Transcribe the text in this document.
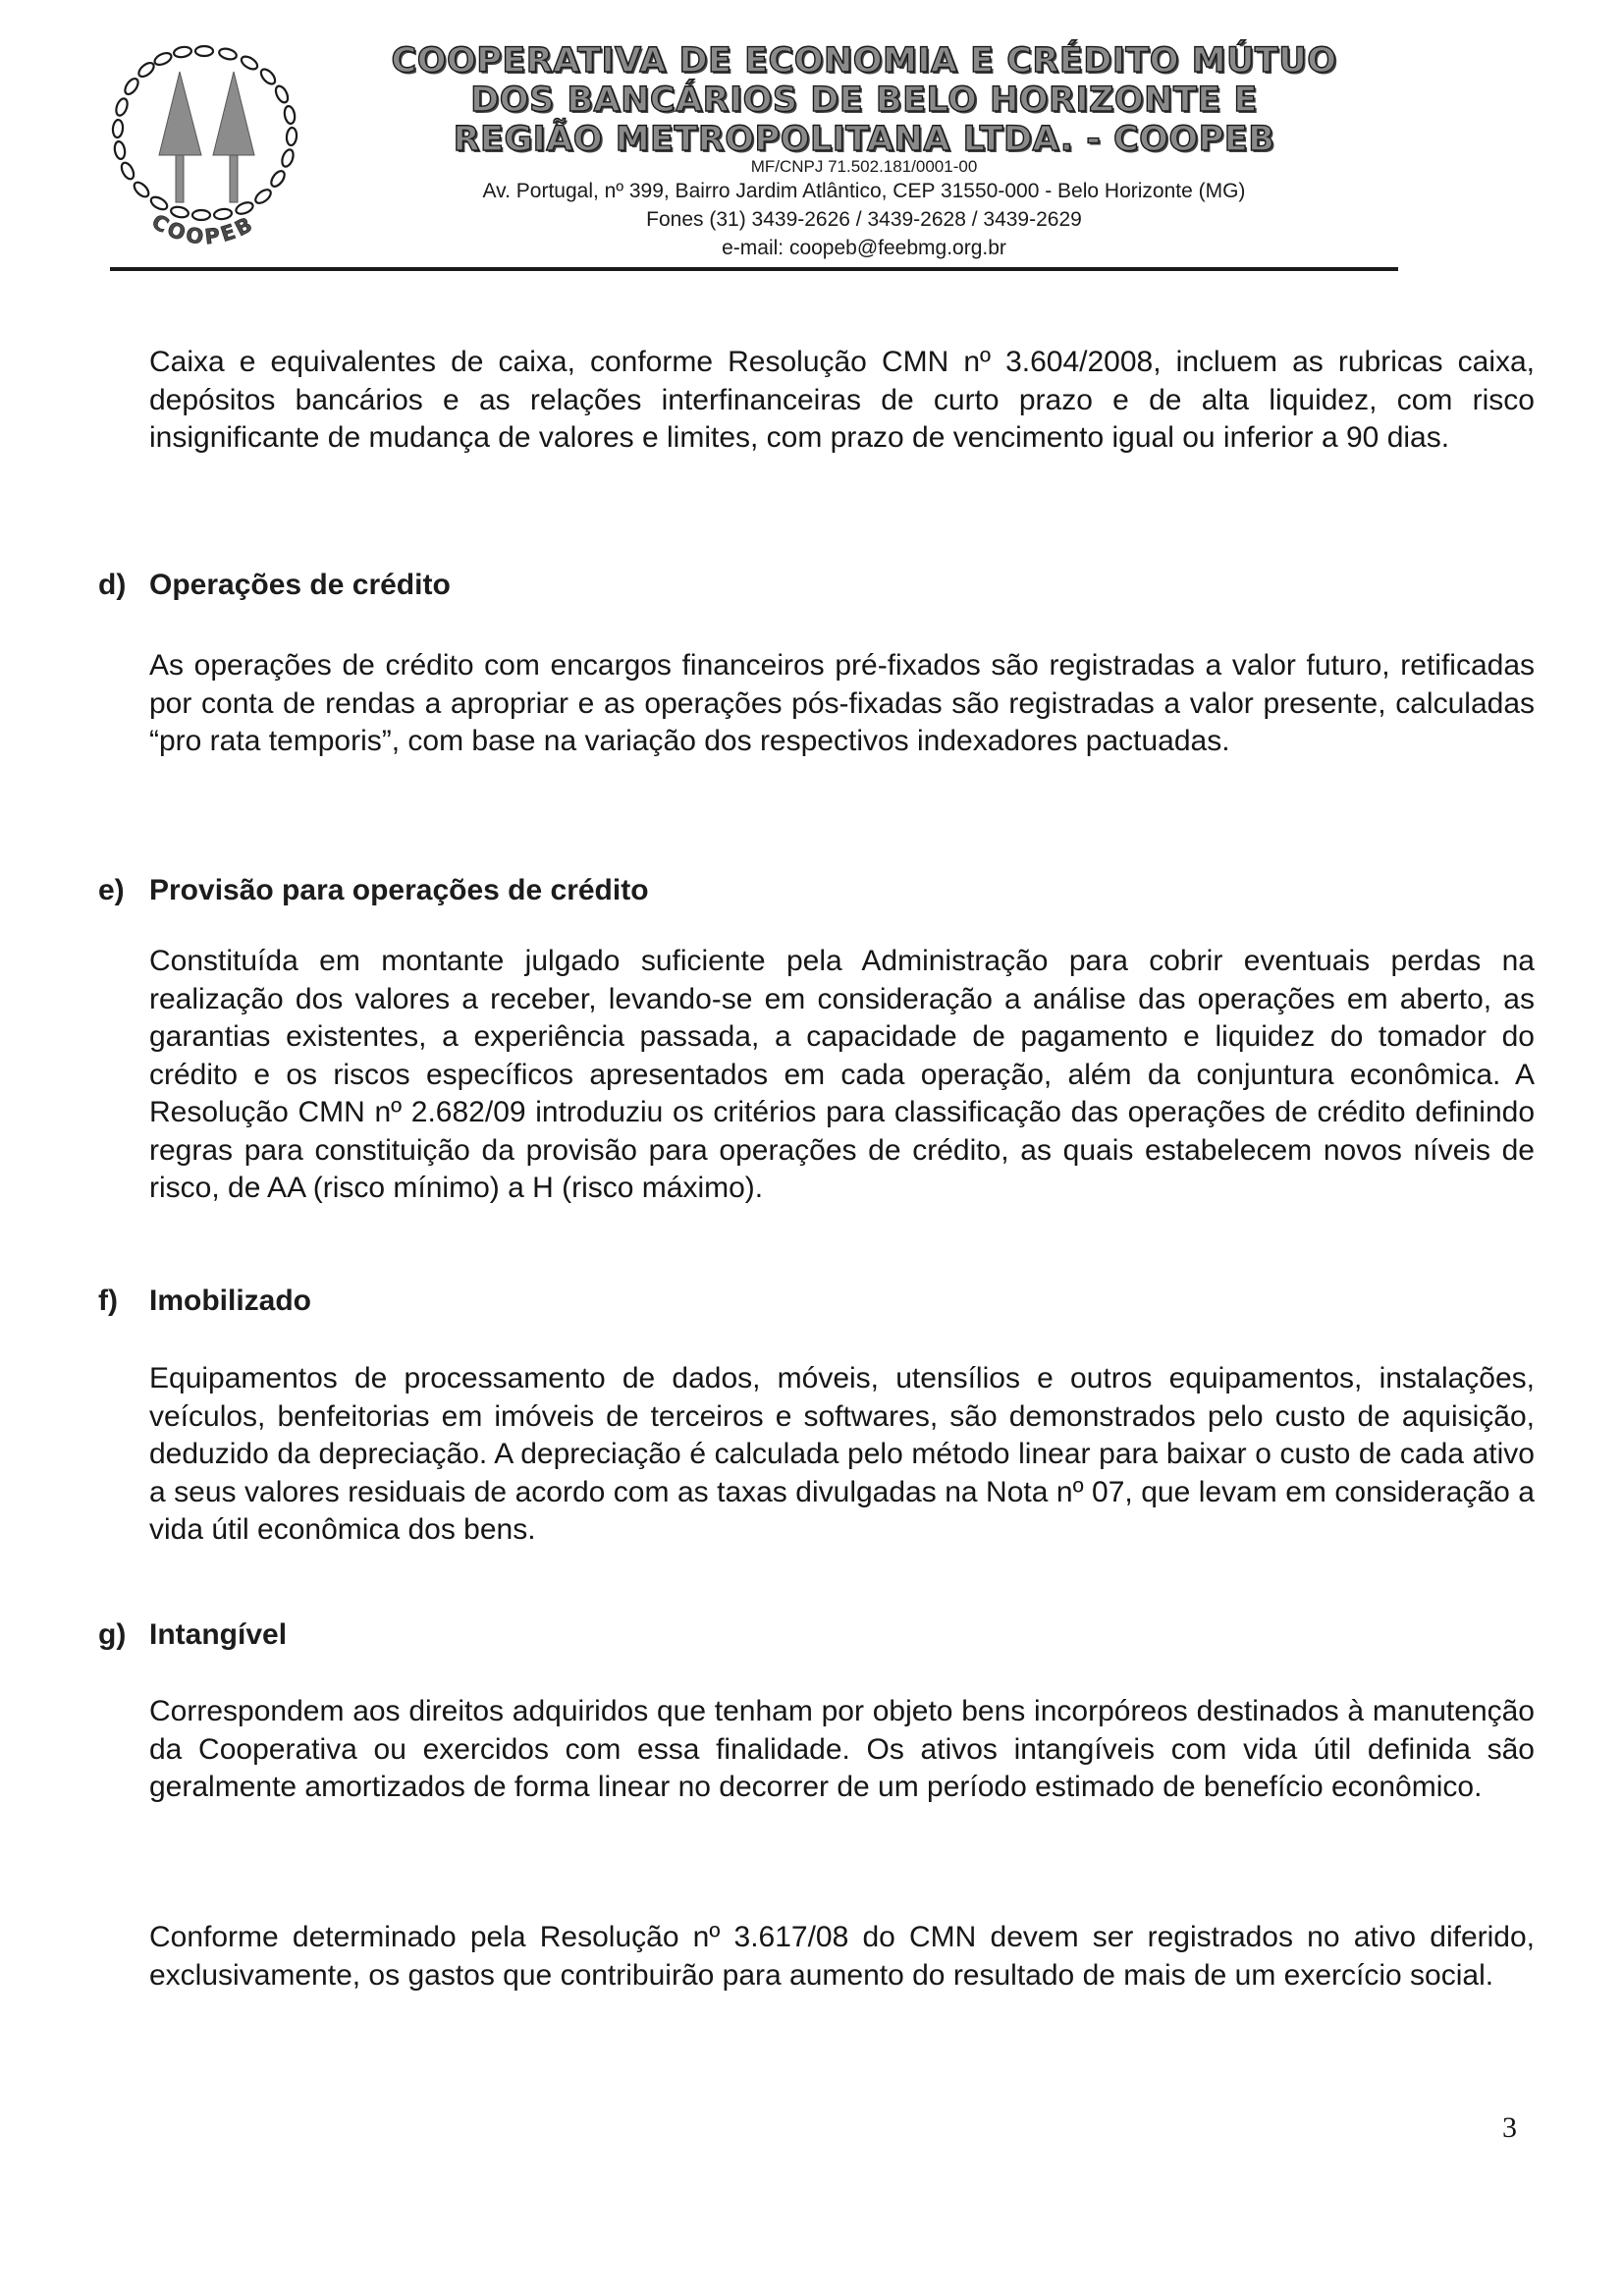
COOPEB
COOPERATIVA DE ECONOMIA E CRÉDITO MÚTUO
DOS BANCÁRIOS DE BELO HORIZONTE E
REGIÃO METROPOLITANA LTDA. - COOPEB
MF/CNPJ 71.502.181/0001-00
Av. Portugal, nº 399, Bairro Jardim Atlântico, CEP 31550-000 - Belo Horizonte (MG)
Fones (31) 3439-2626 / 3439-2628 / 3439-2629
e-mail: coopeb@feebmg.org.br
Caixa e equivalentes de caixa, conforme Resolução CMN nº 3.604/2008, incluem as rubricas caixa, depósitos bancários e as relações interfinanceiras de curto prazo e de alta liquidez, com risco insignificante de mudança de valores e limites, com prazo de vencimento igual ou inferior a 90 dias.
d) Operações de crédito
As operações de crédito com encargos financeiros pré-fixados são registradas a valor futuro, retificadas por conta de rendas a apropriar e as operações pós-fixadas são registradas a valor presente, calculadas “pro rata temporis”, com base na variação dos respectivos indexadores pactuadas.
e) Provisão para operações de crédito
Constituída em montante julgado suficiente pela Administração para cobrir eventuais perdas na realização dos valores a receber, levando-se em consideração a análise das operações em aberto, as garantias existentes, a experiência passada, a capacidade de pagamento e liquidez do tomador do crédito e os riscos específicos apresentados em cada operação, além da conjuntura econômica. A Resolução CMN nº 2.682/09 introduziu os critérios para classificação das operações de crédito definindo regras para constituição da provisão para operações de crédito, as quais estabelecem novos níveis de risco, de AA (risco mínimo) a H (risco máximo).
f) Imobilizado
Equipamentos de processamento de dados, móveis, utensílios e outros equipamentos, instalações, veículos, benfeitorias em imóveis de terceiros e softwares, são demonstrados pelo custo de aquisição, deduzido da depreciação. A depreciação é calculada pelo método linear para baixar o custo de cada ativo a seus valores residuais de acordo com as taxas divulgadas na Nota nº 07, que levam em consideração a vida útil econômica dos bens.
g) Intangível
Correspondem aos direitos adquiridos que tenham por objeto bens incorpóreos destinados à manutenção da Cooperativa ou exercidos com essa finalidade. Os ativos intangíveis com vida útil definida são geralmente amortizados de forma linear no decorrer de um período estimado de benefício econômico.
Conforme determinado pela Resolução nº 3.617/08 do CMN devem ser registrados no ativo diferido, exclusivamente, os gastos que contribuirão para aumento do resultado de mais de um exercício social.
3
